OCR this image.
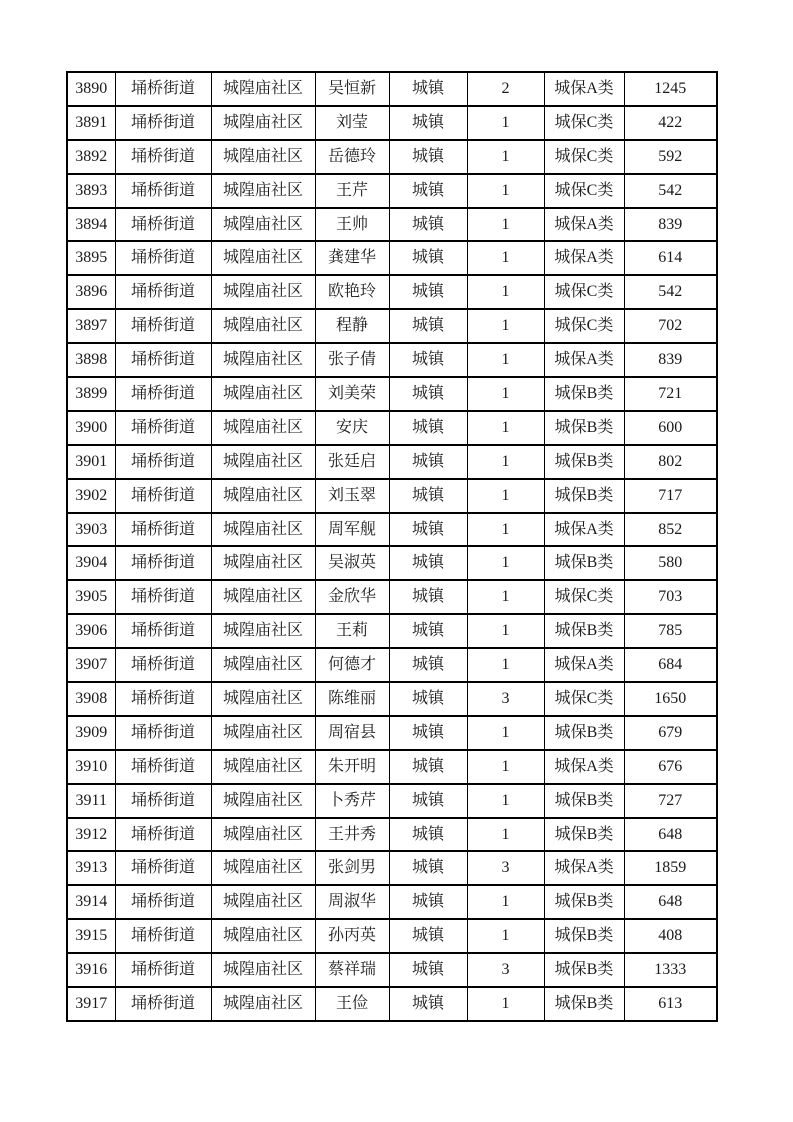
3890	埇桥街道	城隍庙社区	吴恒新	城镇	2	城保A类	1245
3891	埇桥街道	城隍庙社区	刘莹	城镇	1	城保C类	422
3892	埇桥街道	城隍庙社区	岳德玲	城镇	1	城保C类	592
3893	埇桥街道	城隍庙社区	王芹	城镇	1	城保C类	542
3894	埇桥街道	城隍庙社区	王帅	城镇	1	城保A类	839
3895	埇桥街道	城隍庙社区	龚建华	城镇	1	城保A类	614
3896	埇桥街道	城隍庙社区	欧艳玲	城镇	1	城保C类	542
3897	埇桥街道	城隍庙社区	程静	城镇	1	城保C类	702
3898	埇桥街道	城隍庙社区	张子倩	城镇	1	城保A类	839
3899	埇桥街道	城隍庙社区	刘美荣	城镇	1	城保B类	721
3900	埇桥街道	城隍庙社区	安庆	城镇	1	城保B类	600
3901	埇桥街道	城隍庙社区	张廷启	城镇	1	城保B类	802
3902	埇桥街道	城隍庙社区	刘玉翠	城镇	1	城保B类	717
3903	埇桥街道	城隍庙社区	周军舰	城镇	1	城保A类	852
3904	埇桥街道	城隍庙社区	吴淑英	城镇	1	城保B类	580
3905	埇桥街道	城隍庙社区	金欣华	城镇	1	城保C类	703
3906	埇桥街道	城隍庙社区	王莉	城镇	1	城保B类	785
3907	埇桥街道	城隍庙社区	何德才	城镇	1	城保A类	684
3908	埇桥街道	城隍庙社区	陈维丽	城镇	3	城保C类	1650
3909	埇桥街道	城隍庙社区	周宿县	城镇	1	城保B类	679
3910	埇桥街道	城隍庙社区	朱开明	城镇	1	城保A类	676
3911	埇桥街道	城隍庙社区	卜秀芹	城镇	1	城保B类	727
3912	埇桥街道	城隍庙社区	王井秀	城镇	1	城保B类	648
3913	埇桥街道	城隍庙社区	张剑男	城镇	3	城保A类	1859
3914	埇桥街道	城隍庙社区	周淑华	城镇	1	城保B类	648
3915	埇桥街道	城隍庙社区	孙丙英	城镇	1	城保B类	408
3916	埇桥街道	城隍庙社区	蔡祥瑞	城镇	3	城保B类	1333
3917	埇桥街道	城隍庙社区	王俭	城镇	1	城保B类	613
